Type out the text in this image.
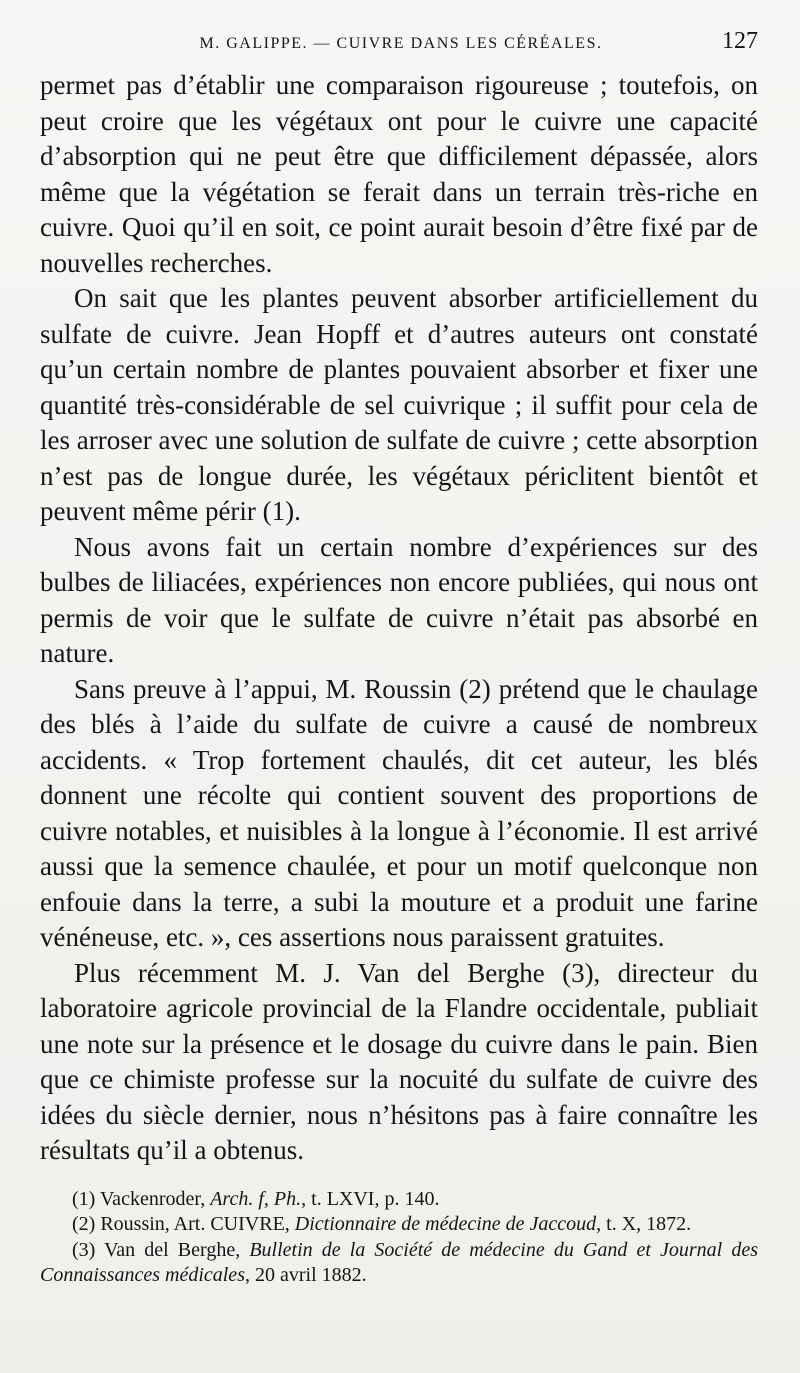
M. GALIPPE. — CUIVRE DANS LES CÉRÉALES.	127

permet pas d’établir une comparaison rigoureuse ; toutefois, on peut croire que les végétaux ont pour le cuivre une capacité d’absorption qui ne peut être que difficilement dépassée, alors même que la végétation se ferait dans un terrain très-riche en cuivre. Quoi qu’il en soit, ce point aurait besoin d’être fixé par de nouvelles recherches.

On sait que les plantes peuvent absorber artificiellement du sulfate de cuivre. Jean Hopff et d’autres auteurs ont constaté qu’un certain nombre de plantes pouvaient absorber et fixer une quantité très-considérable de sel cuivrique ; il suffit pour cela de les arroser avec une solution de sulfate de cuivre ; cette absorption n’est pas de longue durée, les végétaux périclitent bientôt et peuvent même périr (1).

Nous avons fait un certain nombre d’expériences sur des bulbes de liliacées, expériences non encore publiées, qui nous ont permis de voir que le sulfate de cuivre n’était pas absorbé en nature.

Sans preuve à l’appui, M. Roussin (2) prétend que le chaulage des blés à l’aide du sulfate de cuivre a causé de nombreux accidents. « Trop fortement chaulés, dit cet auteur, les blés donnent une récolte qui contient souvent des proportions de cuivre notables, et nuisibles à la longue à l’économie. Il est arrivé aussi que la semence chaulée, et pour un motif quelconque non enfouie dans la terre, a subi la mouture et a produit une farine vénéneuse, etc. », ces assertions nous paraissent gratuites.

Plus récemment M. J. Van del Berghe (3), directeur du laboratoire agricole provincial de la Flandre occidentale, publiait une note sur la présence et le dosage du cuivre dans le pain. Bien que ce chimiste professe sur la nocuité du sulfate de cuivre des idées du siècle dernier, nous n’hésitons pas à faire connaître les résultats qu’il a obtenus.

(1) Vackenroder, Arch. f, Ph., t. LXVI, p. 140.

(2) Roussin, Art. CUIVRE, Dictionnaire de médecine de Jaccoud, t. X, 1872.

(3) Van del Berghe, Bulletin de la Société de médecine du Gand et Journal des Connaissances médicales, 20 avril 1882.
